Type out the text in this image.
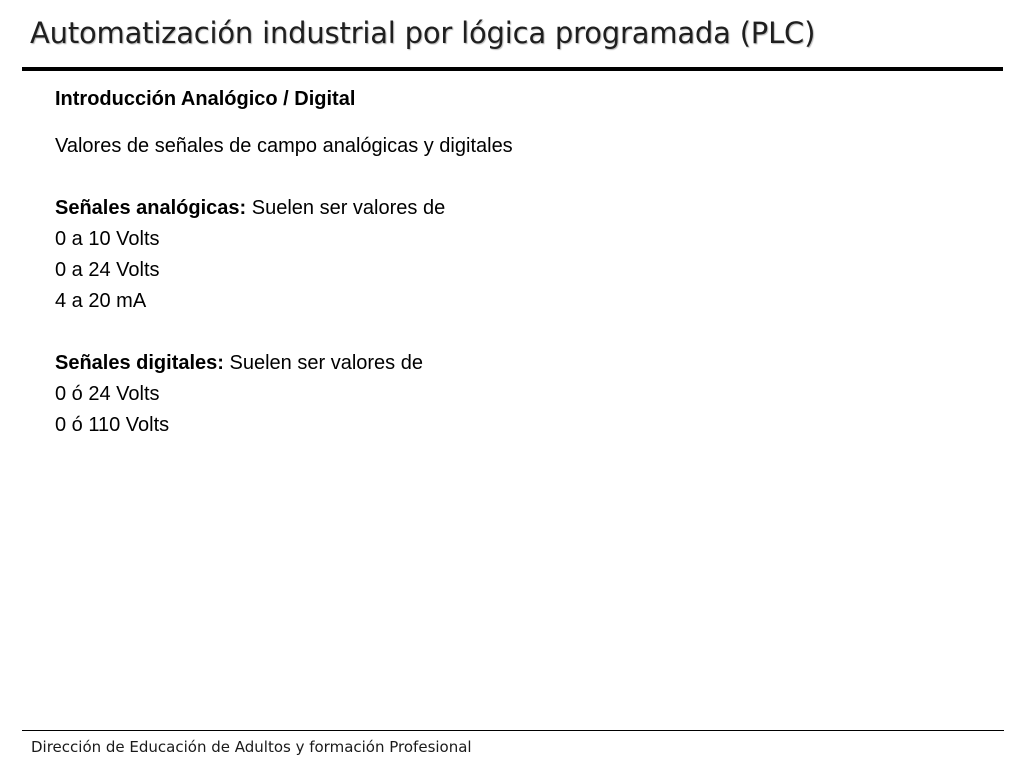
Automatización industrial por lógica programada (PLC)

Introducción Analógico / Digital

Valores de señales de campo analógicas y digitales
Señales analógicas: Suelen ser valores de
0 a 10 Volts
0 a 24 Volts
4 a 20 mA
Señales digitales: Suelen ser valores de
0 ó 24 Volts
0 ó 110 Volts
Dirección de Educación de Adultos y formación Profesional
